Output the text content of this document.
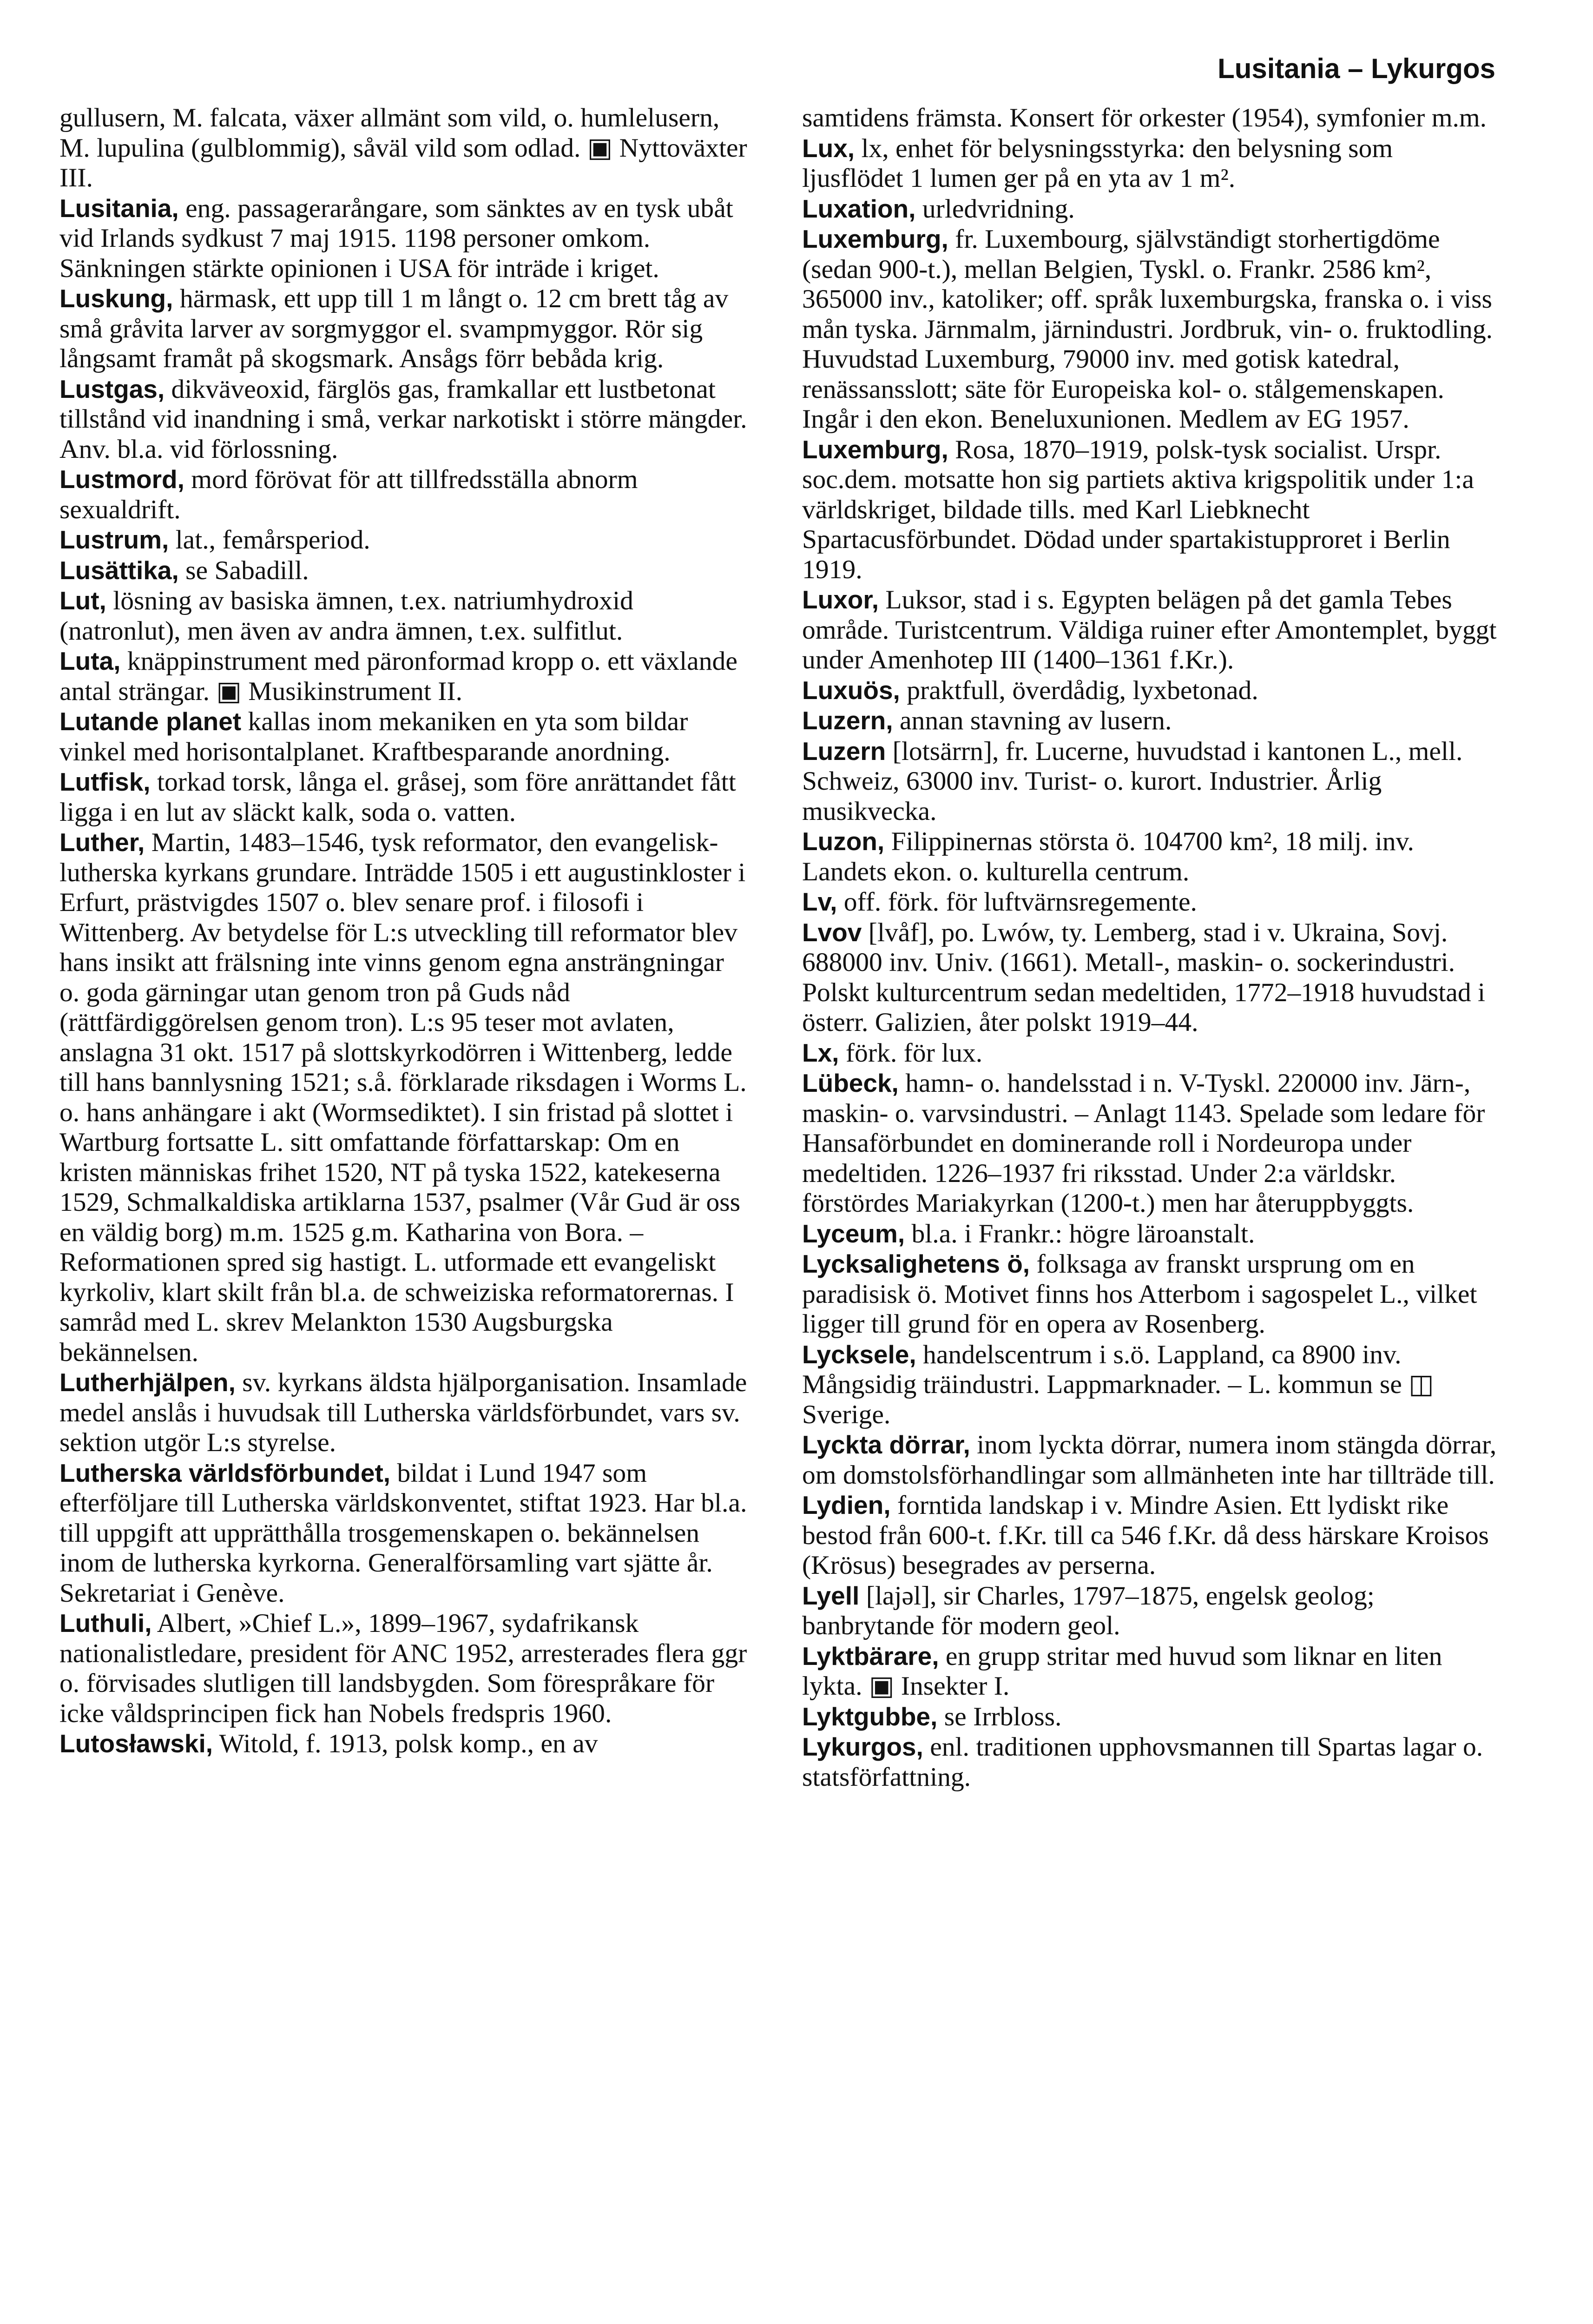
Lusitania – Lykurgos

gullusern, M. falcata, växer allmänt som vild, o. humlelusern, M. lupulina (gulblommig), såväl vild som odlad. ▣ Nyttoväxter III.

Lusitania, eng. passagerarångare, som sänktes av en tysk ubåt vid Irlands sydkust 7 maj 1915. 1198 personer omkom. Sänkningen stärkte opinionen i USA för inträde i kriget.

Luskung, härmask, ett upp till 1 m långt o. 12 cm brett tåg av små gråvita larver av sorgmyggor el. svampmyggor. Rör sig långsamt framåt på skogsmark. Ansågs förr bebåda krig.

Lustgas, dikväveoxid, färglös gas, framkallar ett lustbetonat tillstånd vid inandning i små, verkar narkotiskt i större mängder. Anv. bl.a. vid förlossning.

Lustmord, mord förövat för att tillfredsställa abnorm sexualdrift.

Lustrum, lat., femårsperiod.

Lusättika, se Sabadill.

Lut, lösning av basiska ämnen, t.ex. natriumhydroxid (natronlut), men även av andra ämnen, t.ex. sulfitlut.

Luta, knäppinstrument med päronformad kropp o. ett växlande antal strängar. ▣ Musikinstrument II.

Lutande planet kallas inom mekaniken en yta som bildar vinkel med horisontalplanet. Kraftbesparande anordning.

Lutfisk, torkad torsk, långa el. gråsej, som före anrättandet fått ligga i en lut av släckt kalk, soda o. vatten.

Luther, Martin, 1483–1546, tysk reformator, den evangelisk-lutherska kyrkans grundare. Inträdde 1505 i ett augustinkloster i Erfurt, prästvigdes 1507 o. blev senare prof. i filosofi i Wittenberg. Av betydelse för L:s utveckling till reformator blev hans insikt att frälsning inte vinns genom egna ansträngningar o. goda gärningar utan genom tron på Guds nåd (rättfärdiggörelsen genom tron). L:s 95 teser mot avlaten, anslagna 31 okt. 1517 på slottskyrkodörren i Wittenberg, ledde till hans bannlysning 1521; s.å. förklarade riksdagen i Worms L. o. hans anhängare i akt (Wormsediktet). I sin fristad på slottet i Wartburg fortsatte L. sitt omfattande författarskap: Om en kristen människas frihet 1520, NT på tyska 1522, katekeserna 1529, Schmalkaldiska artiklarna 1537, psalmer (Vår Gud är oss en väldig borg) m.m. 1525 g.m. Katharina von Bora. – Reformationen spred sig hastigt. L. utformade ett evangeliskt kyrkoliv, klart skilt från bl.a. de schweiziska reformatorernas. I samråd med L. skrev Melankton 1530 Augsburgska bekännelsen.

Lutherhjälpen, sv. kyrkans äldsta hjälporganisation. Insamlade medel anslås i huvudsak till Lutherska världsförbundet, vars sv. sektion utgör L:s styrelse.

Lutherska världsförbundet, bildat i Lund 1947 som efterföljare till Lutherska världskonventet, stiftat 1923. Har bl.a. till uppgift att upprätthålla trosgemenskapen o. bekännelsen inom de lutherska kyrkorna. Generalförsamling vart sjätte år. Sekretariat i Genève.

Luthuli, Albert, »Chief L.», 1899–1967, sydafrikansk nationalistledare, president för ANC 1952, arresterades flera ggr o. förvisades slutligen till landsbygden. Som förespråkare för icke våldsprincipen fick han Nobels fredspris 1960.

Lutosławski, Witold, f. 1913, polsk komp., en av

samtidens främsta. Konsert för orkester (1954), symfonier m.m.

Lux, lx, enhet för belysningsstyrka: den belysning som ljusflödet 1 lumen ger på en yta av 1 m².

Luxation, urledvridning.

Luxemburg, fr. Luxembourg, självständigt storhertigdöme (sedan 900-t.), mellan Belgien, Tyskl. o. Frankr. 2586 km², 365000 inv., katoliker; off. språk luxemburgska, franska o. i viss mån tyska. Järnmalm, järnindustri. Jordbruk, vin- o. fruktodling. Huvudstad Luxemburg, 79000 inv. med gotisk katedral, renässansslott; säte för Europeiska kol- o. stålgemenskapen. Ingår i den ekon. Beneluxunionen. Medlem av EG 1957.

Luxemburg, Rosa, 1870–1919, polsk-tysk socialist. Urspr. soc.dem. motsatte hon sig partiets aktiva krigspolitik under 1:a världskriget, bildade tills. med Karl Liebknecht Spartacusförbundet. Dödad under spartakistupproret i Berlin 1919.

Luxor, Luksor, stad i s. Egypten belägen på det gamla Tebes område. Turistcentrum. Väldiga ruiner efter Amontemplet, byggt under Amenhotep III (1400–1361 f.Kr.).

Luxuös, praktfull, överdådig, lyxbetonad.

Luzern, annan stavning av lusern.

Luzern [lotsärrn], fr. Lucerne, huvudstad i kantonen L., mell. Schweiz, 63000 inv. Turist- o. kurort. Industrier. Årlig musikvecka.

Luzon, Filippinernas största ö. 104700 km², 18 milj. inv. Landets ekon. o. kulturella centrum.

Lv, off. förk. för luftvärnsregemente.

Lvov [lvåf], po. Lwów, ty. Lemberg, stad i v. Ukraina, Sovj. 688000 inv. Univ. (1661). Metall-, maskin- o. sockerindustri. Polskt kulturcentrum sedan medeltiden, 1772–1918 huvudstad i österr. Galizien, åter polskt 1919–44.

Lx, förk. för lux.

Lübeck, hamn- o. handelsstad i n. V-Tyskl. 220000 inv. Järn-, maskin- o. varvsindustri. – Anlagt 1143. Spelade som ledare för Hansaförbundet en dominerande roll i Nordeuropa under medeltiden. 1226–1937 fri riksstad. Under 2:a världskr. förstördes Mariakyrkan (1200-t.) men har återuppbyggts.

Lyceum, bl.a. i Frankr.: högre läroanstalt.

Lycksalighetens ö, folksaga av franskt ursprung om en paradisisk ö. Motivet finns hos Atterbom i sagospelet L., vilket ligger till grund för en opera av Rosenberg.

Lycksele, handelscentrum i s.ö. Lappland, ca 8900 inv. Mångsidig träindustri. Lappmarknader. – L. kommun se ◫ Sverige.

Lyckta dörrar, inom lyckta dörrar, numera inom stängda dörrar, om domstolsförhandlingar som allmänheten inte har tillträde till.

Lydien, forntida landskap i v. Mindre Asien. Ett lydiskt rike bestod från 600-t. f.Kr. till ca 546 f.Kr. då dess härskare Kroisos (Krösus) besegrades av perserna.

Lyell [lajəl], sir Charles, 1797–1875, engelsk geolog; banbrytande för modern geol.

Lyktbärare, en grupp stritar med huvud som liknar en liten lykta. ▣ Insekter I.

Lyktgubbe, se Irrbloss.

Lykurgos, enl. traditionen upphovsmannen till Spartas lagar o. statsförfattning.
